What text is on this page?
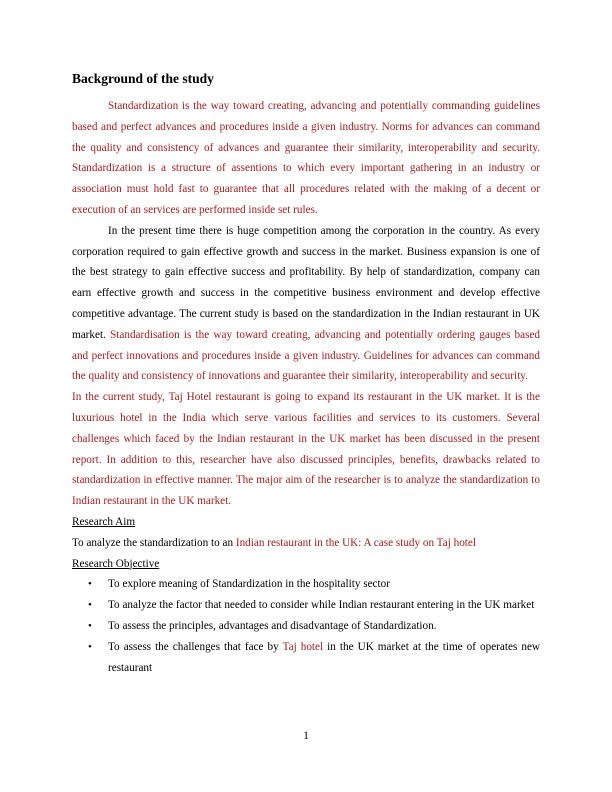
Background of the study

Standardization is the way toward creating, advancing and potentially commanding guidelines based and perfect advances and procedures inside a given industry. Norms for advances can command the quality and consistency of advances and guarantee their similarity, interoperability and security. Standardization is a structure of assentions to which every important gathering in an industry or association must hold fast to guarantee that all procedures related with the making of a decent or execution of an services are performed inside set rules.

In the present time there is huge competition among the corporation in the country. As every corporation required to gain effective growth and success in the market. Business expansion is one of the best strategy to gain effective success and profitability. By help of standardization, company can earn effective growth and success in the competitive business environment and develop effective competitive advantage. The current study is based on the standardization in the Indian restaurant in UK market. Standardisation is the way toward creating, advancing and potentially ordering gauges based and perfect innovations and procedures inside a given industry. Guidelines for advances can command the quality and consistency of innovations and guarantee their similarity, interoperability and security.

In the current study, Taj Hotel restaurant is going to expand its restaurant in the UK market. It is the luxurious hotel in the India which serve various facilities and services to its customers. Several challenges which faced by the Indian restaurant in the UK market has been discussed in the present report. In addition to this, researcher have also discussed principles, benefits, drawbacks related to standardization in effective manner. The major aim of the researcher is to analyze the standardization to Indian restaurant in the UK market.

Research Aim

To analyze the standardization to an Indian restaurant in the UK: A case study on Taj hotel

Research Objective
• To explore meaning of Standardization in the hospitality sector
• To analyze the factor that needed to consider while Indian restaurant entering in the UK market
• To assess the principles, advantages and disadvantage of Standardization.
• To assess the challenges that face by Taj hotel in the UK market at the time of operates new restaurant
1
